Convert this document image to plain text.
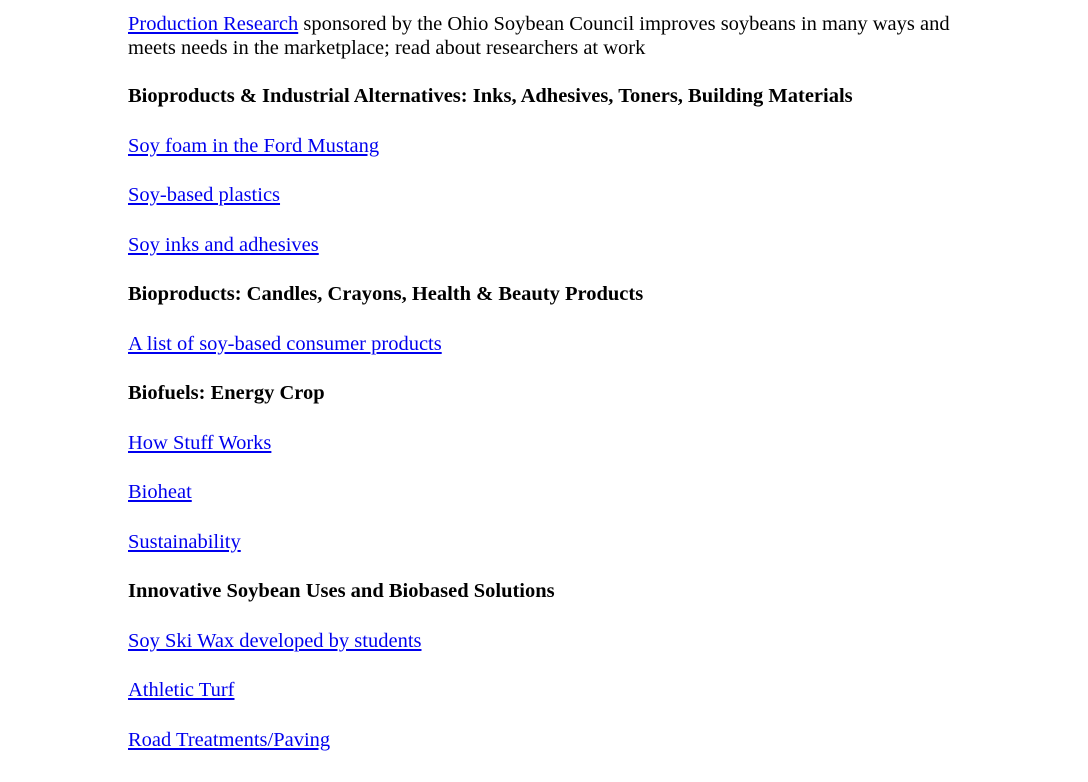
Production Research sponsored by the Ohio Soybean Council improves soybeans in many ways and meets needs in the marketplace; read about researchers at work

Bioproducts & Industrial Alternatives: Inks, Adhesives, Toners, Building Materials

Soy foam in the Ford Mustang

Soy-based plastics

Soy inks and adhesives

Bioproducts: Candles, Crayons, Health & Beauty Products

A list of soy-based consumer products

Biofuels: Energy Crop

How Stuff Works

Bioheat

Sustainability

Innovative Soybean Uses and Biobased Solutions

Soy Ski Wax developed by students

Athletic Turf

Road Treatments/Paving
